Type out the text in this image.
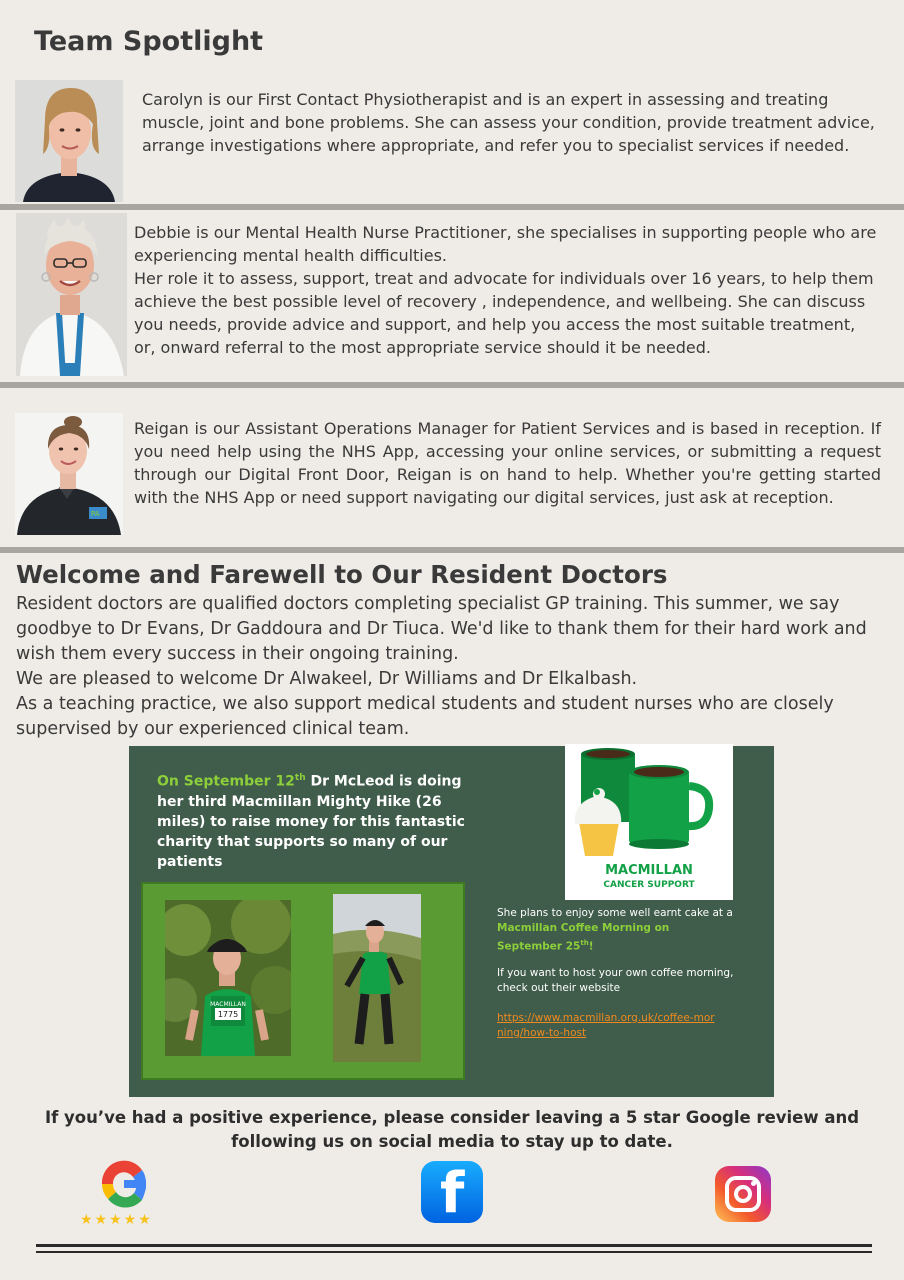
Team Spotlight
Carolyn is our First Contact Physiotherapist and is an expert in assessing and treating muscle, joint and bone problems. She can assess your condition, provide treatment advice, arrange investigations where appropriate, and refer you to specialist services if needed.
Debbie is our Mental Health Nurse Practitioner, she specialises in supporting people who are experiencing mental health difficulties.
Her role it to assess, support, treat and advocate for individuals over 16 years, to help them achieve the best possible level of recovery , independence, and wellbeing. She can discuss you needs, provide advice and support, and help you access the most suitable treatment, or, onward referral to the most appropriate service should it be needed.
PA
Reigan is our Assistant Operations Manager for Patient Services and is based in reception. If you need help using the NHS App, accessing your online services, or submitting a request through our Digital Front Door, Reigan is on hand to help. Whether you're getting started with the NHS App or need support navigating our digital services, just ask at reception.
Welcome and Farewell to Our Resident Doctors

Resident doctors are qualified doctors completing specialist GP training. This summer, we say goodbye to Dr Evans, Dr Gaddoura and Dr Tiuca. We'd like to thank them for their hard work and wish them every success in their ongoing training.

We are pleased to welcome Dr Alwakeel, Dr Williams and Dr Elkalbash.

As a teaching practice, we also support medical students and student nurses who are closely supervised by our experienced clinical team.

On September 12th Dr McLeod is doing her third Macmillan Mighty Hike (26 miles) to raise money for this fantastic charity that supports so many of our patients
MACMILLAN
CANCER SUPPORT
MACMILLAN
1775
She plans to enjoy some well earnt cake at a Macmillan Coffee Morning on September 25th!
If you want to host your own coffee morning, check out their website
https://www.macmillan.org.uk/coffee-morning/how-to-host
If you’ve had a positive experience, please consider leaving a 5 star Google review and following us on social media to stay up to date.
★★★★★	f
